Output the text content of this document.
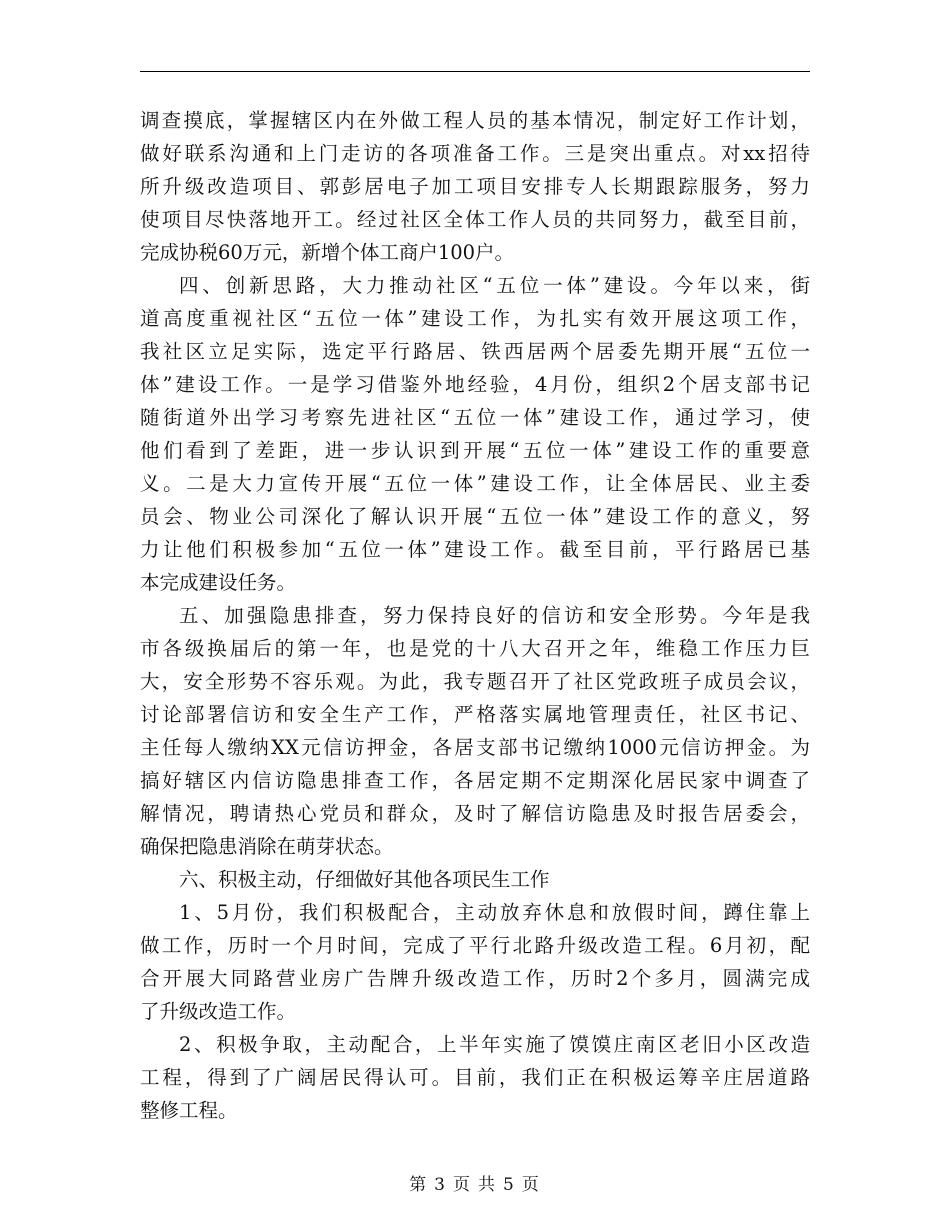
调查摸底，掌握辖区内在外做工程人员的基本情况，制定好工作计划，
做好联系沟通和上门走访的各项准备工作。三是突出重点。对xx招待
所升级改造项目、郭彭居电子加工项目安排专人长期跟踪服务，努力
使项目尽快落地开工。经过社区全体工作人员的共同努力，截至目前，
完成协税60万元，新增个体工商户100户。
四、创新思路，大力推动社区“五位一体”建设。今年以来，街
道高度重视社区“五位一体”建设工作，为扎实有效开展这项工作，
我社区立足实际，选定平行路居、铁西居两个居委先期开展“五位一
体”建设工作。一是学习借鉴外地经验，4月份，组织2个居支部书记
随街道外出学习考察先进社区“五位一体”建设工作，通过学习，使
他们看到了差距，进一步认识到开展“五位一体”建设工作的重要意
义。二是大力宣传开展“五位一体”建设工作，让全体居民、业主委
员会、物业公司深化了解认识开展“五位一体”建设工作的意义，努
力让他们积极参加“五位一体”建设工作。截至目前，平行路居已基
本完成建设任务。
五、加强隐患排查，努力保持良好的信访和安全形势。今年是我
市各级换届后的第一年，也是党的十八大召开之年，维稳工作压力巨
大，安全形势不容乐观。为此，我专题召开了社区党政班子成员会议，
讨论部署信访和安全生产工作，严格落实属地管理责任，社区书记、
主任每人缴纳XX元信访押金，各居支部书记缴纳1000元信访押金。为
搞好辖区内信访隐患排查工作，各居定期不定期深化居民家中调查了
解情况，聘请热心党员和群众，及时了解信访隐患及时报告居委会，
确保把隐患消除在萌芽状态。
六、积极主动，仔细做好其他各项民生工作
1、5月份，我们积极配合，主动放弃休息和放假时间，蹲住靠上
做工作，历时一个月时间，完成了平行北路升级改造工程。6月初，配
合开展大同路营业房广告牌升级改造工作，历时2个多月，圆满完成
了升级改造工作。
2、积极争取，主动配合，上半年实施了馍馍庄南区老旧小区改造
工程，得到了广阔居民得认可。目前，我们正在积极运筹辛庄居道路
整修工程。
第 3 页 共 5 页
